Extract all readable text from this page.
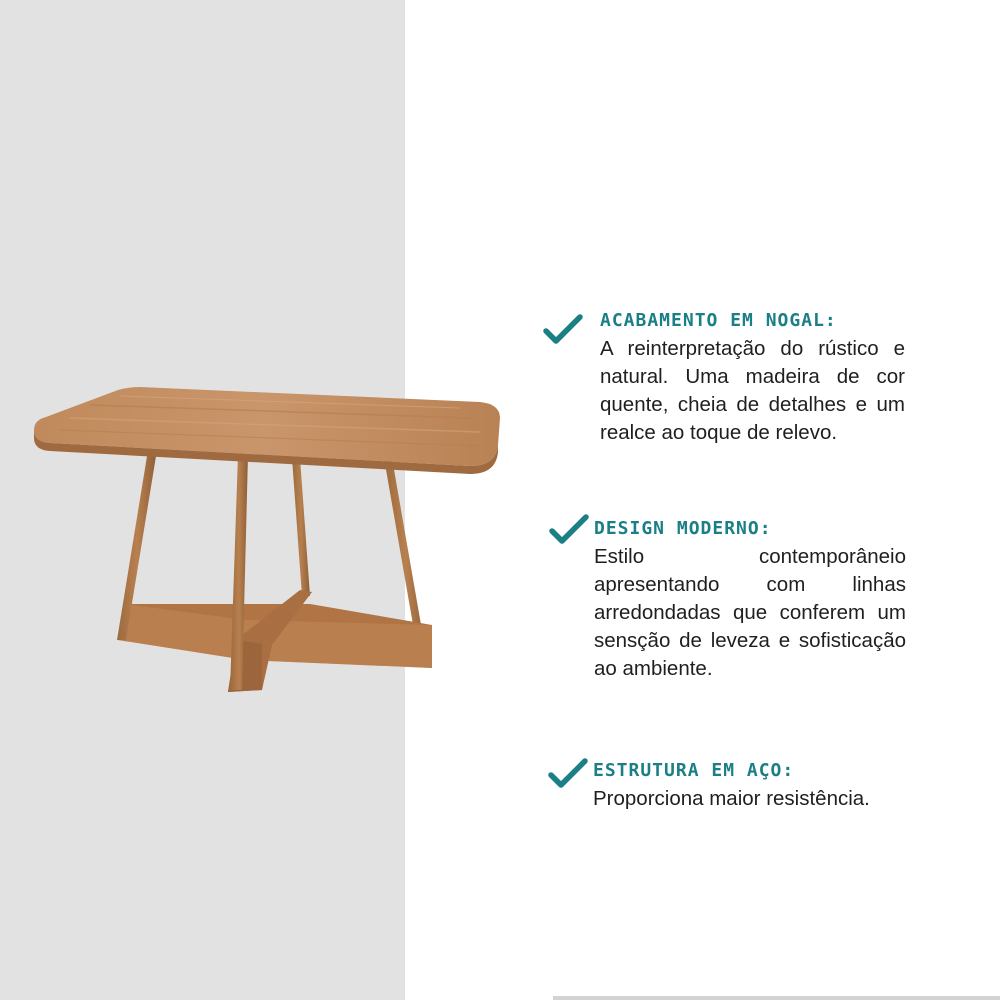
ACABAMENTO EM NOGAL:
A reinterpretação do rústico e natural. Uma madeira de cor quente, cheia de detalhes e um realce ao toque de relevo.
DESIGN MODERNO:
Estilo contemporâneio apresentando com linhas arredondadas que conferem um sensção de leveza e sofisticação ao ambiente.
ESTRUTURA EM AÇO:
Proporciona maior resistência.
